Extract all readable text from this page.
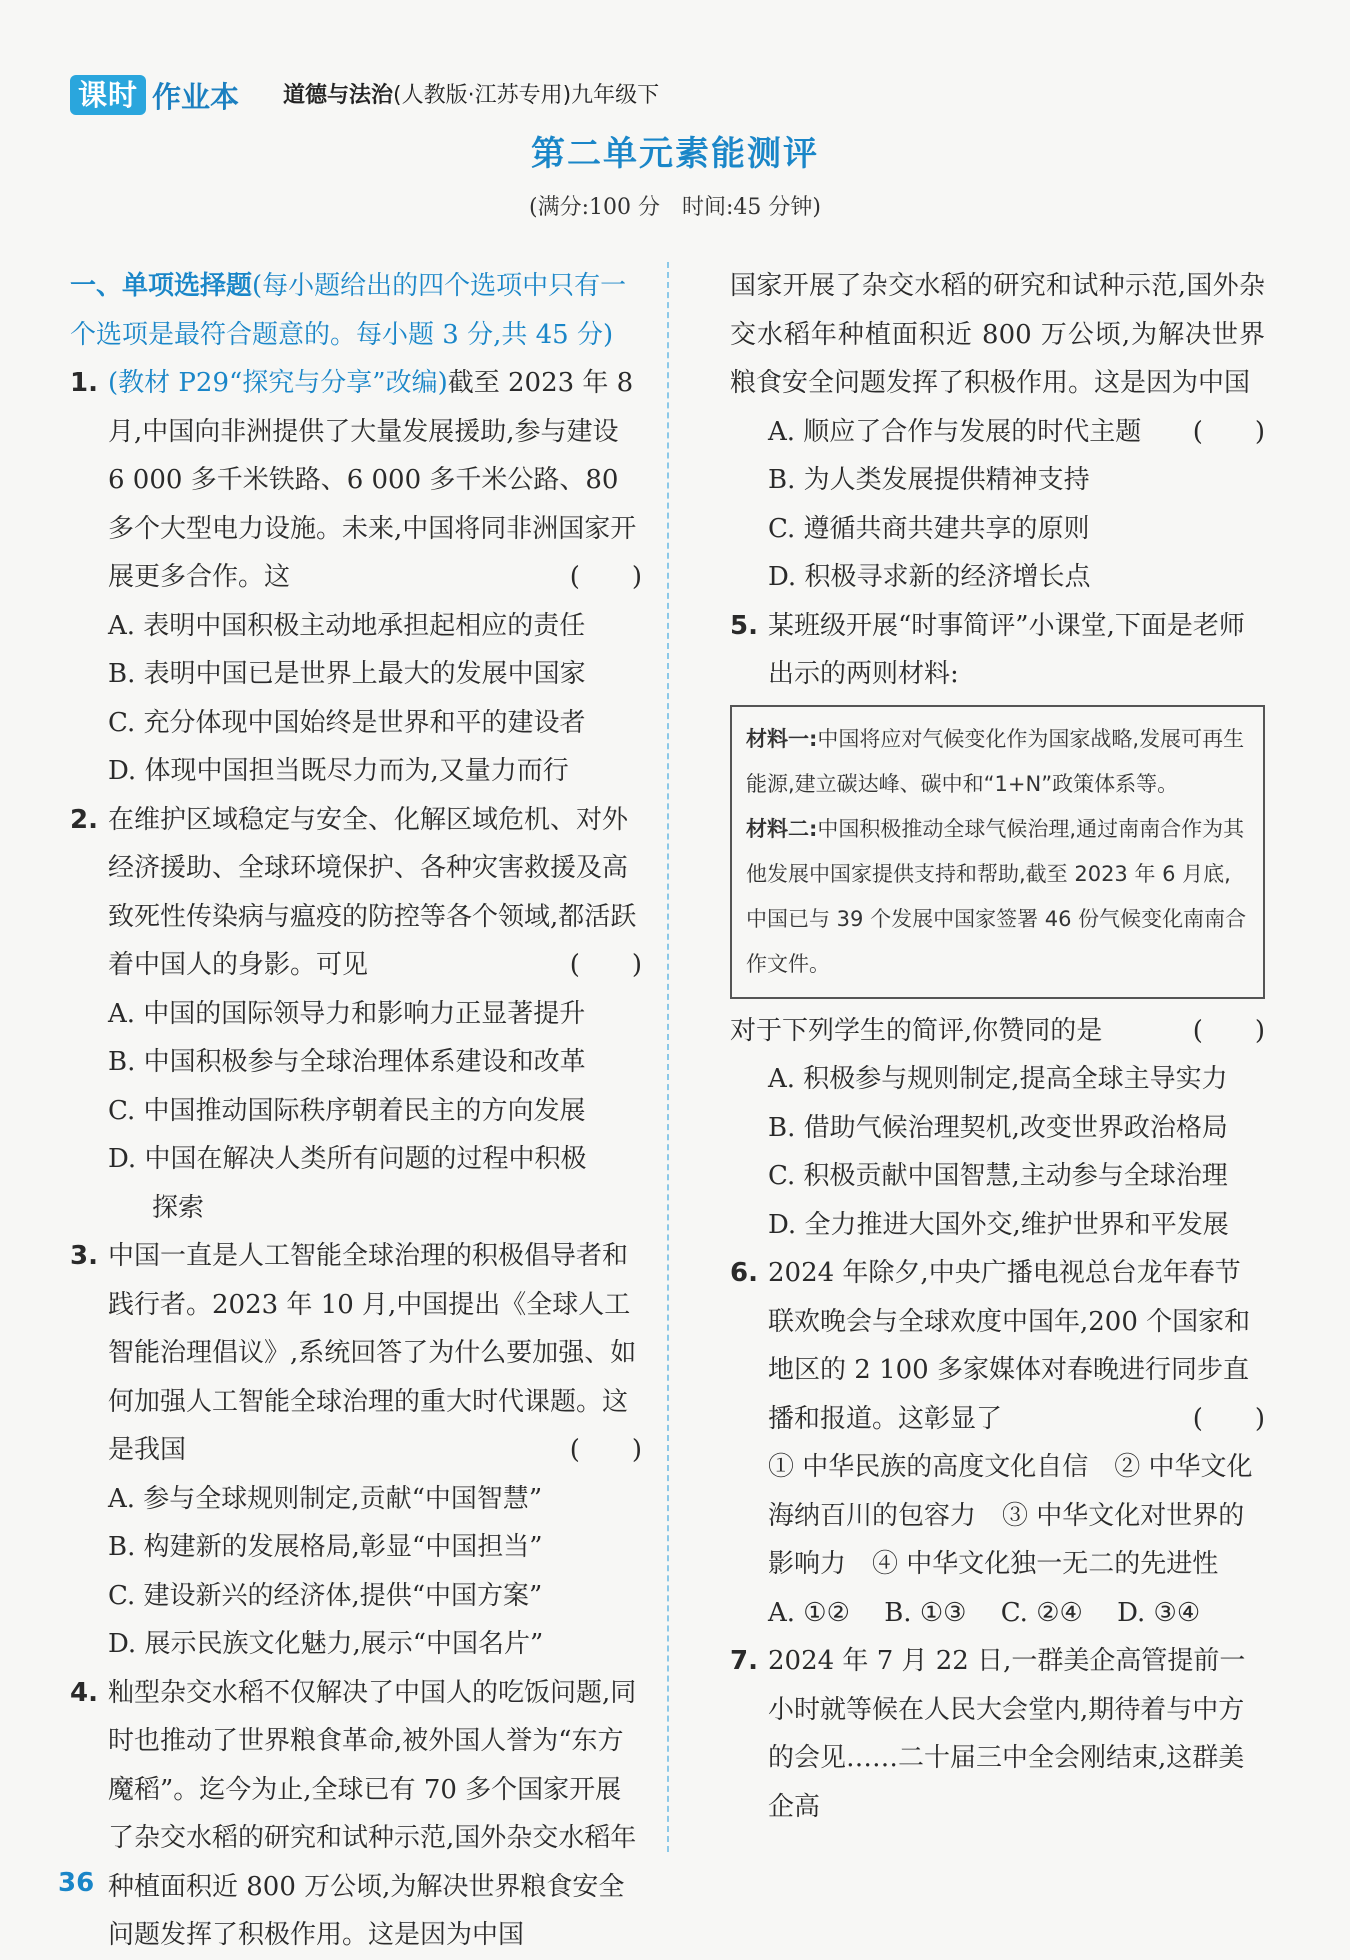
课时 作业本 道德与法治(人教版·江苏专用)九年级下
第二单元素能测评
(满分:100 分　时间:45 分钟)
一、单项选择题(每小题给出的四个选项中只有一个选项是最符合题意的。每小题 3 分,共 45 分)
1. (教材 P29“探究与分享”改编)截至 2023 年 8 月,中国向非洲提供了大量发展援助,参与建设 6 000 多千米铁路、6 000 多千米公路、80 多个大型电力设施。未来,中国将同非洲国家开展更多合作。这	(　　)
A. 表明中国积极主动地承担起相应的责任
B. 表明中国已是世界上最大的发展中国家
C. 充分体现中国始终是世界和平的建设者
D. 体现中国担当既尽力而为,又量力而行
2. 在维护区域稳定与安全、化解区域危机、对外经济援助、全球环境保护、各种灾害救援及高致死性传染病与瘟疫的防控等各个领域,都活跃着中国人的身影。可见	(　　)
A. 中国的国际领导力和影响力正显著提升
B. 中国积极参与全球治理体系建设和改革
C. 中国推动国际秩序朝着民主的方向发展
D. 中国在解决人类所有问题的过程中积极
探索
3. 中国一直是人工智能全球治理的积极倡导者和践行者。2023 年 10 月,中国提出《全球人工智能治理倡议》,系统回答了为什么要加强、如何加强人工智能全球治理的重大时代课题。这是我国	(　　)
A. 参与全球规则制定,贡献“中国智慧”
B. 构建新的发展格局,彰显“中国担当”
C. 建设新兴的经济体,提供“中国方案”
D. 展示民族文化魅力,展示“中国名片”
4. 籼型杂交水稻不仅解决了中国人的吃饭问题,同时也推动了世界粮食革命,被外国人誉为“东方魔稻”。迄今为止,全球已有 70 多个国家开展了杂交水稻的研究和试种示范,国外杂交水稻年种植面积近 800 万公顷,为解决世界粮食安全问题发挥了积极作用。这是因为中国
国家开展了杂交水稻的研究和试种示范,国外杂交水稻年种植面积近 800 万公顷,为解决世界粮食安全问题发挥了积极作用。这是因为中国
(　　)
A. 顺应了合作与发展的时代主题
B. 为人类发展提供精神支持
C. 遵循共商共建共享的原则
D. 积极寻求新的经济增长点
5. 某班级开展“时事简评”小课堂,下面是老师出示的两则材料:
材料一:中国将应对气候变化作为国家战略,发展可再生能源,建立碳达峰、碳中和“1+N”政策体系等。
材料二:中国积极推动全球气候治理,通过南南合作为其他发展中国家提供支持和帮助,截至 2023 年 6 月底,中国已与 39 个发展中国家签署 46 份气候变化南南合作文件。
对于下列学生的简评,你赞同的是	(　　)
A. 积极参与规则制定,提高全球主导实力
B. 借助气候治理契机,改变世界政治格局
C. 积极贡献中国智慧,主动参与全球治理
D. 全力推进大国外交,维护世界和平发展
6. 2024 年除夕,中央广播电视总台龙年春节联欢晚会与全球欢度中国年,200 个国家和地区的 2 100 多家媒体对春晚进行同步直播和报道。这彰显了	(　　)
① 中华民族的高度文化自信　② 中华文化海纳百川的包容力　③ 中华文化对世界的影响力　④ 中华文化独一无二的先进性
A. ①②　 B. ①③　 C. ②④　 D. ③④
7. 2024 年 7 月 22 日,一群美企高管提前一小时就等候在人民大会堂内,期待着与中方的会见……二十届三中全会刚结束,这群美企高
36
